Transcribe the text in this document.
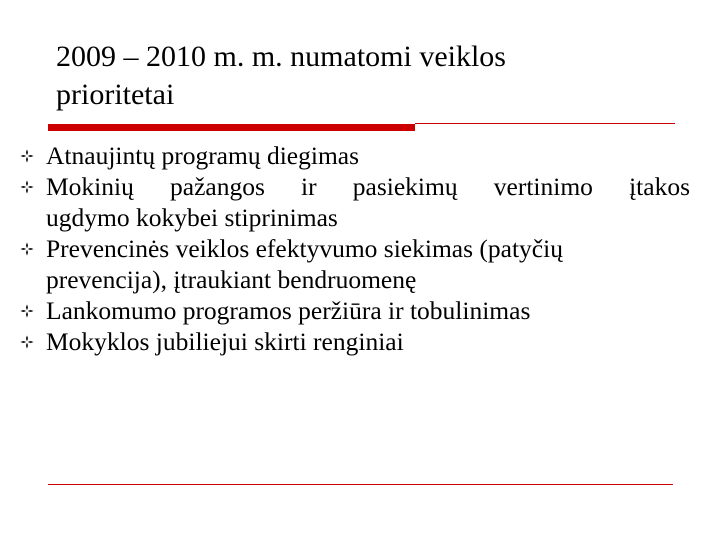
2009 – 2010 m. m. numatomi veiklos
prioritetai
Atnaujintų programų diegimas
Mokinių pažangos ir pasiekimų vertinimo įtakos
ugdymo kokybei stiprinimas
Prevencinės veiklos efektyvumo siekimas (patyčių
prevencija), įtraukiant bendruomenę
Lankomumo programos peržiūra ir tobulinimas
Mokyklos jubiliejui skirti renginiai
